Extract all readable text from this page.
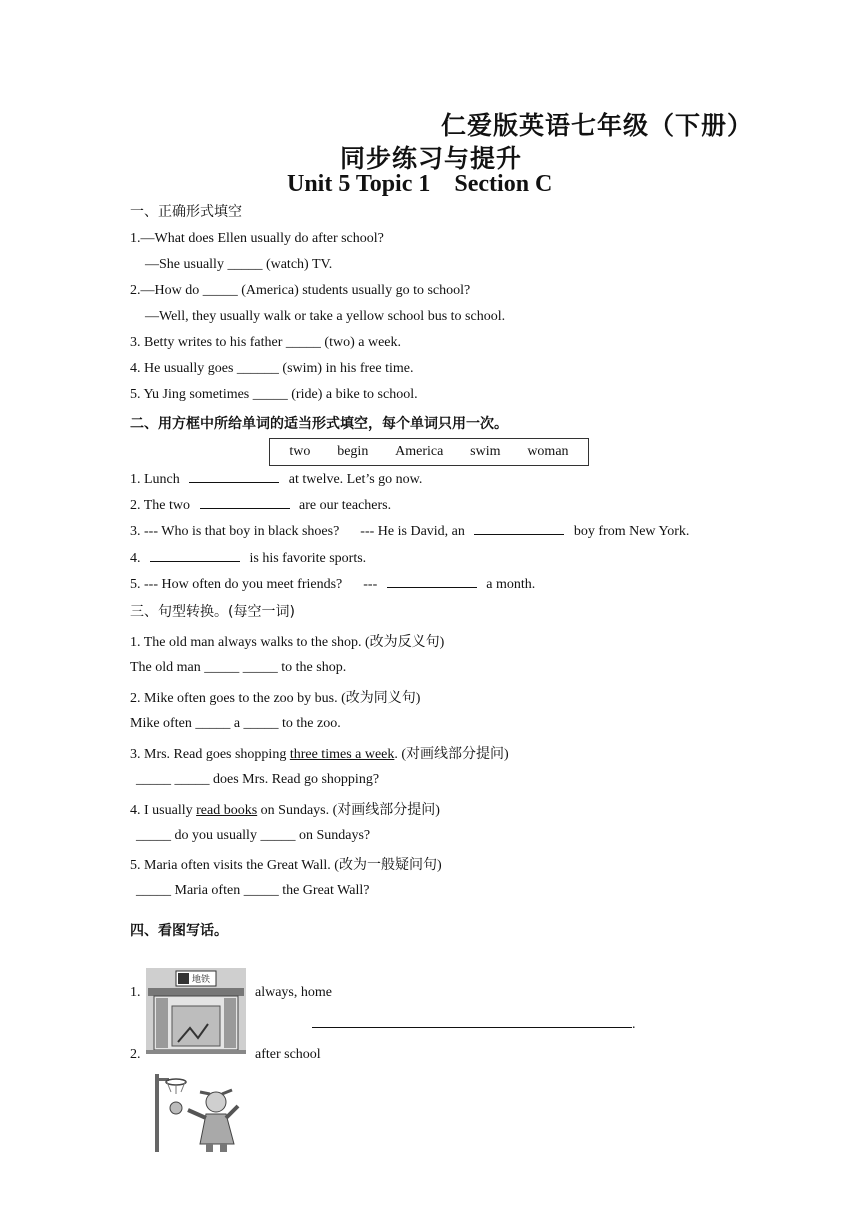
仁爱版英语七年级（下册）
同步练习与提升
Unit 5 Topic 1    Section C
一、正确形式填空
1.—What does Ellen usually do after school?
—She usually _____ (watch) TV.
2.—How do _____ (America) students usually go to school?
—Well, they usually walk or take a yellow school bus to school.
3. Betty writes to his father _____ (two) a week.
4. He usually goes ______ (swim) in his free time.
5. Yu Jing sometimes _____ (ride) a bike to school.
二、用方框中所给单词的适当形式填空，每个单词只用一次。
two begin America swim woman
1. Lunch	at twelve. Let’s go now.
2. The two	are our teachers.
3. --- Who is that boy in black shoes?      --- He is David, an	boy from New York.
4.	is his favorite sports.
5. --- How often do you meet friends?      ---	a month.
三、句型转换。(每空一词)
1. The old man always walks to the shop. (改为反义句)
The old man _____ _____ to the shop.
2. Mike often goes to the zoo by bus. (改为同义句)
Mike often _____ a _____ to the zoo.
3. Mrs. Read goes shopping three times a week. (对画线部分提问)
_____ _____ does Mrs. Read go shopping?
4. I usually read books on Sundays. (对画线部分提问)
_____ do you usually _____ on Sundays?
5. Maria often visits the Great Wall. (改为一般疑问句)
_____ Maria often _____ the Great Wall?
四、看图写话。
1.
地铁
always, home
.
2.	after school
